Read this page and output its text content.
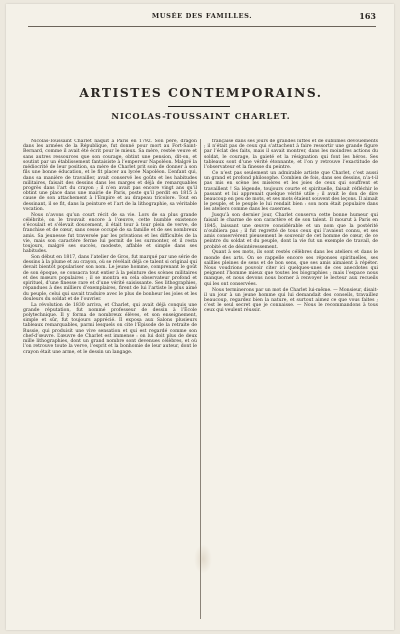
MUSÉE DES FAMILLES.	163
ARTISTES CONTEMPORAINS.
NICOLAS-TOUSSAINT CHARLET.

Nicolas-Toussaint Charlet naquit à Paris en 1792. Son père, dragon dans les armées de la République, fut donné pour mort au Fort-Saint-Bernard, comme il avait été écrit pour le mieux. Sa mère, restée veuve et sans autres ressources que son courage, obtint une pension, dit-on, et soutint par un établissement fantaisiste à l’empereur Napoléon. Malgré la médiocrité de leur position, sa mère de Charlet prit soin de donner à son fils une bonne éducation, et le fit placer au lycée Napoléon. L’enfant qui, dans sa manière de travailler, avait conservé les goûts et les habitudes militaires, faisait des dessins dans les marges et déjà de remarquables progrès dans l’art du crayon ; il n’en avait pas encore vingt ans qu’il obtint une place dans une mairie de Paris, poste qu’il perdit en 1815 à cause de son attachement à l’Empire et au drapeau tricolore. Tout en dessinant, il se fit, dans la peinture et l’art de la lithographie, sa véritable vocation.

Nous n’avons qu’un court récit de sa vie. Lors de sa plus grande célébrité, on le trouvait encore à l’œuvre, cette humble existence s’écoulait et s’élevait doucement, il était tour à tour plein de verve, de franchise et de cœur, sans cesse occupé de sa famille et de ses nombreux amis. Sa jeunesse fut traversée par les privations et les difficultés de la vie, mais son caractère ferme lui permit de les surmonter, et il resta toujours, malgré ses succès, modeste, affable et simple dans ses habitudes.

Son début en 1817, dans l’atelier de Gros, fut marqué par une série de dessins à la plume et au crayon, où se révélait déjà ce talent si original qui devait bientôt populariser son nom. Le jeune homme, comprenant le goût de son époque, se consacra tout entier à la peinture des scènes militaires et des mœurs populaires ; il se montra en cela observateur profond et spirituel, d’une finesse rare et d’une vérité saisissante. Ses lithographies, répandues à des milliers d’exemplaires, firent de lui l’artiste le plus aimé du peuple, celui qui savait traduire avec le plus de bonheur les joies et les douleurs du soldat et de l’ouvrier.

La révolution de 1830 arriva, et Charlet, qui avait déjà conquis une grande réputation, fut nommé professeur de dessin à l’École polytechnique. Il y forma de nombreux élèves, et son enseignement, simple et sûr, fut toujours apprécié. Il exposa aux Salons plusieurs tableaux remarquables, parmi lesquels on cite l’Épisode de la retraite de Russie, qui produisit une vive sensation et qui est regardé comme son chef-d’œuvre. L’œuvre de Charlet est immense : on lui doit plus de deux mille lithographies, dont un grand nombre sont devenues célèbres, et où l’on retrouve toute la verve, l’esprit et la bonhomie de leur auteur, dont le crayon était une arme, et le dessin un langage.

française dans ses jours de grandes luttes et de sublimes dévouements ; il n’était pas de ceux qui s’attachent à faire ressortir une grande figure par l’éclat des faits, mais il savait montrer, dans les moindres actions du soldat, le courage, la gaieté et la résignation qui font les héros. Ses tableaux sont d’une vérité étonnante, et l’on y retrouve l’exactitude de l’observateur et la finesse du peintre.

Ce n’est pas seulement un admirable artiste que Charlet, c’est aussi un grand et profond philosophe. Combien de fois, dans ses dessins, n’a-t-il pas mis en scène les misères et les joies de ceux qui souffrent et travaillent ! Sa légende, toujours courte et spirituelle, faisait réfléchir le passant et lui apprenait quelque vérité utile ; il avait le don de dire beaucoup en peu de mots, et ses mots étaient souvent des leçons. Il aimait le peuple, et le peuple le lui rendait bien : son nom était populaire dans les ateliers comme dans les casernes.

Jusqu’à son dernier jour, Charlet conserva cette bonne humeur qui faisait le charme de son caractère et de son talent. Il mourut à Paris en 1845, laissant une œuvre considérable et un nom que la postérité n’oubliera pas ; il fut regretté de tous ceux qui l’avaient connu, et ses amis conservèrent pieusement le souvenir de cet homme de cœur, de ce peintre du soldat et du peuple, dont la vie fut un exemple de travail, de probité et de désintéressement.

Quant à ses mots, ils sont restés célèbres dans les ateliers et dans le monde des arts. On se rappelle encore ses réponses spirituelles, ses saillies pleines de sens et de bon sens, que ses amis aimaient à répéter. Nous voudrions pouvoir citer ici quelques-unes de ces anecdotes qui peignent l’homme mieux que toutes les biographies ; mais l’espace nous manque, et nous devons nous borner à renvoyer le lecteur aux recueils qui les ont conservées.

Nous terminerons par un mot de Charlet lui-même. — Monsieur, disait-il un jour à un jeune homme qui lui demandait des conseils, travaillez beaucoup, regardez bien la nature, et surtout aimez ce que vous faites ; c’est le seul secret que je connaisse. — Nous le recommandons à tous ceux qui veulent réussir.
